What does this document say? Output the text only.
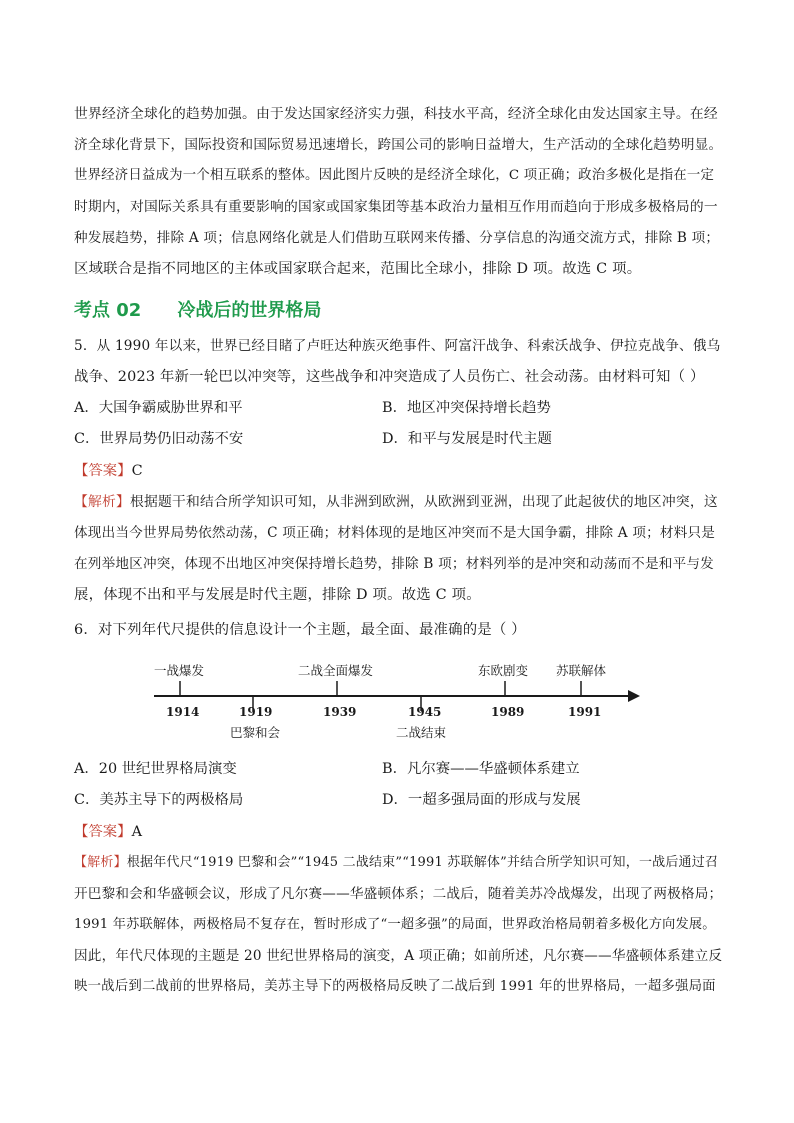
世界经济全球化的趋势加强。由于发达国家经济实力强，科技水平高，经济全球化由发达国家主导。在经
济全球化背景下，国际投资和国际贸易迅速增长，跨国公司的影响日益增大，生产活动的全球化趋势明显。
世界经济日益成为一个相互联系的整体。因此图片反映的是经济全球化，C 项正确；政治多极化是指在一定
时期内，对国际关系具有重要影响的国家或国家集团等基本政治力量相互作用而趋向于形成多极格局的一
种发展趋势，排除 A 项；信息网络化就是人们借助互联网来传播、分享信息的沟通交流方式，排除 B 项；
区域联合是指不同地区的主体或国家联合起来，范围比全球小，排除 D 项。故选 C 项。
考点 02 冷战后的世界格局
5．从 1990 年以来，世界已经目睹了卢旺达种族灭绝事件、阿富汗战争、科索沃战争、伊拉克战争、俄乌
战争、2023 年新一轮巴以冲突等，这些战争和冲突造成了人员伤亡、社会动荡。由材料可知（ ）
A．大国争霸威胁世界和平	B．地区冲突保持增长趋势
C．世界局势仍旧动荡不安	D．和平与发展是时代主题
【答案】C
【解析】根据题干和结合所学知识可知，从非洲到欧洲，从欧洲到亚洲，出现了此起彼伏的地区冲突，这
体现出当今世界局势依然动荡，C 项正确；材料体现的是地区冲突而不是大国争霸，排除 A 项；材料只是
在列举地区冲突，体现不出地区冲突保持增长趋势，排除 B 项；材料列举的是冲突和动荡而不是和平与发
展，体现不出和平与发展是时代主题，排除 D 项。故选 C 项。
6．对下列年代尺提供的信息设计一个主题，最全面、最准确的是（ ）
一战爆发	二战全面爆发	东欧剧变 苏联解体
1914	1919	1939	1945	1989	1991
巴黎和会	二战结束
A．20 世纪世界格局演变	B．凡尔赛——华盛顿体系建立
C．美苏主导下的两极格局	D．一超多强局面的形成与发展
【答案】A
【解析】根据年代尺“1919 巴黎和会”“1945 二战结束”“1991 苏联解体”并结合所学知识可知，一战后通过召
开巴黎和会和华盛顿会议，形成了凡尔赛——华盛顿体系；二战后，随着美苏冷战爆发，出现了两极格局；
1991 年苏联解体，两极格局不复存在，暂时形成了“一超多强”的局面，世界政治格局朝着多极化方向发展。
因此，年代尺体现的主题是 20 世纪世界格局的演变，A 项正确；如前所述，凡尔赛——华盛顿体系建立反
映一战后到二战前的世界格局，美苏主导下的两极格局反映了二战后到 1991 年的世界格局，一超多强局面
